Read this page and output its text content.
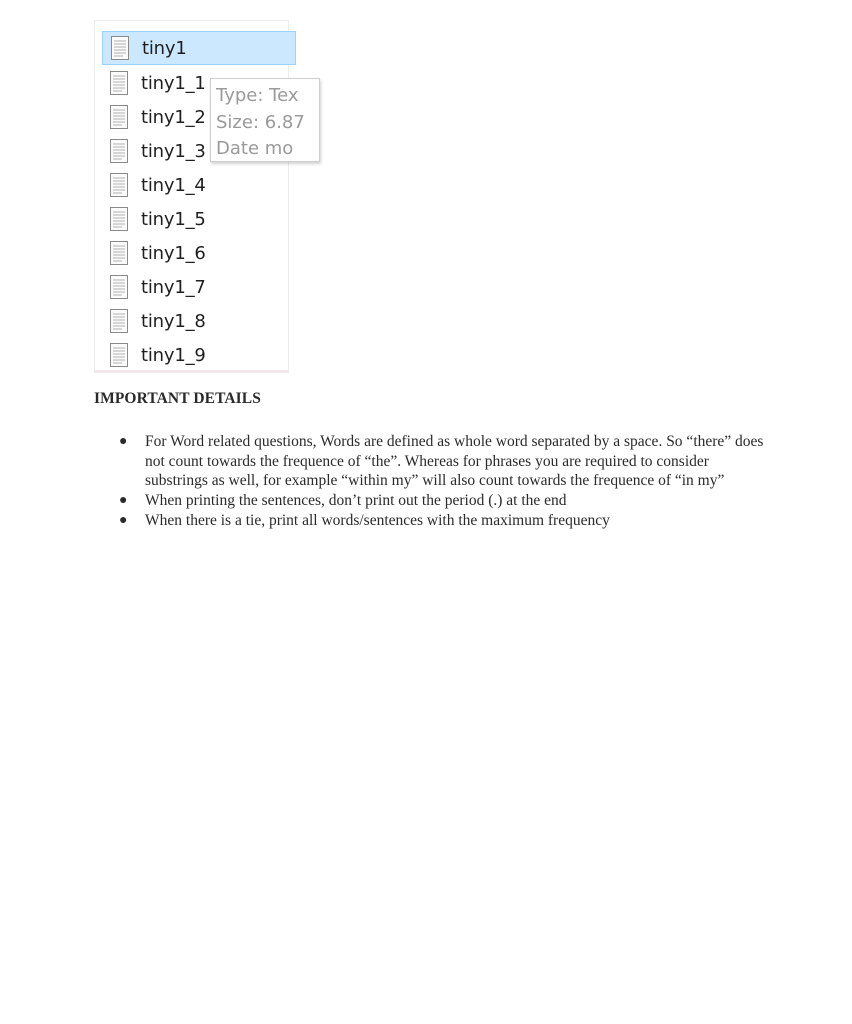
tiny1
tiny1_1
tiny1_2
tiny1_3
tiny1_4
tiny1_5
tiny1_6
tiny1_7
tiny1_8
tiny1_9
Type: Tex
Size: 6.87
Date mo
IMPORTANT DETAILS
● For Word related questions, Words are defined as whole word separated by a space. So “there” does not count towards the frequence of “the”. Whereas for phrases you are required to consider substrings as well, for example “within my” will also count towards the frequence of “in my”
● When printing the sentences, don’t print out the period (.) at the end
● When there is a tie, print all words/sentences with the maximum frequency
